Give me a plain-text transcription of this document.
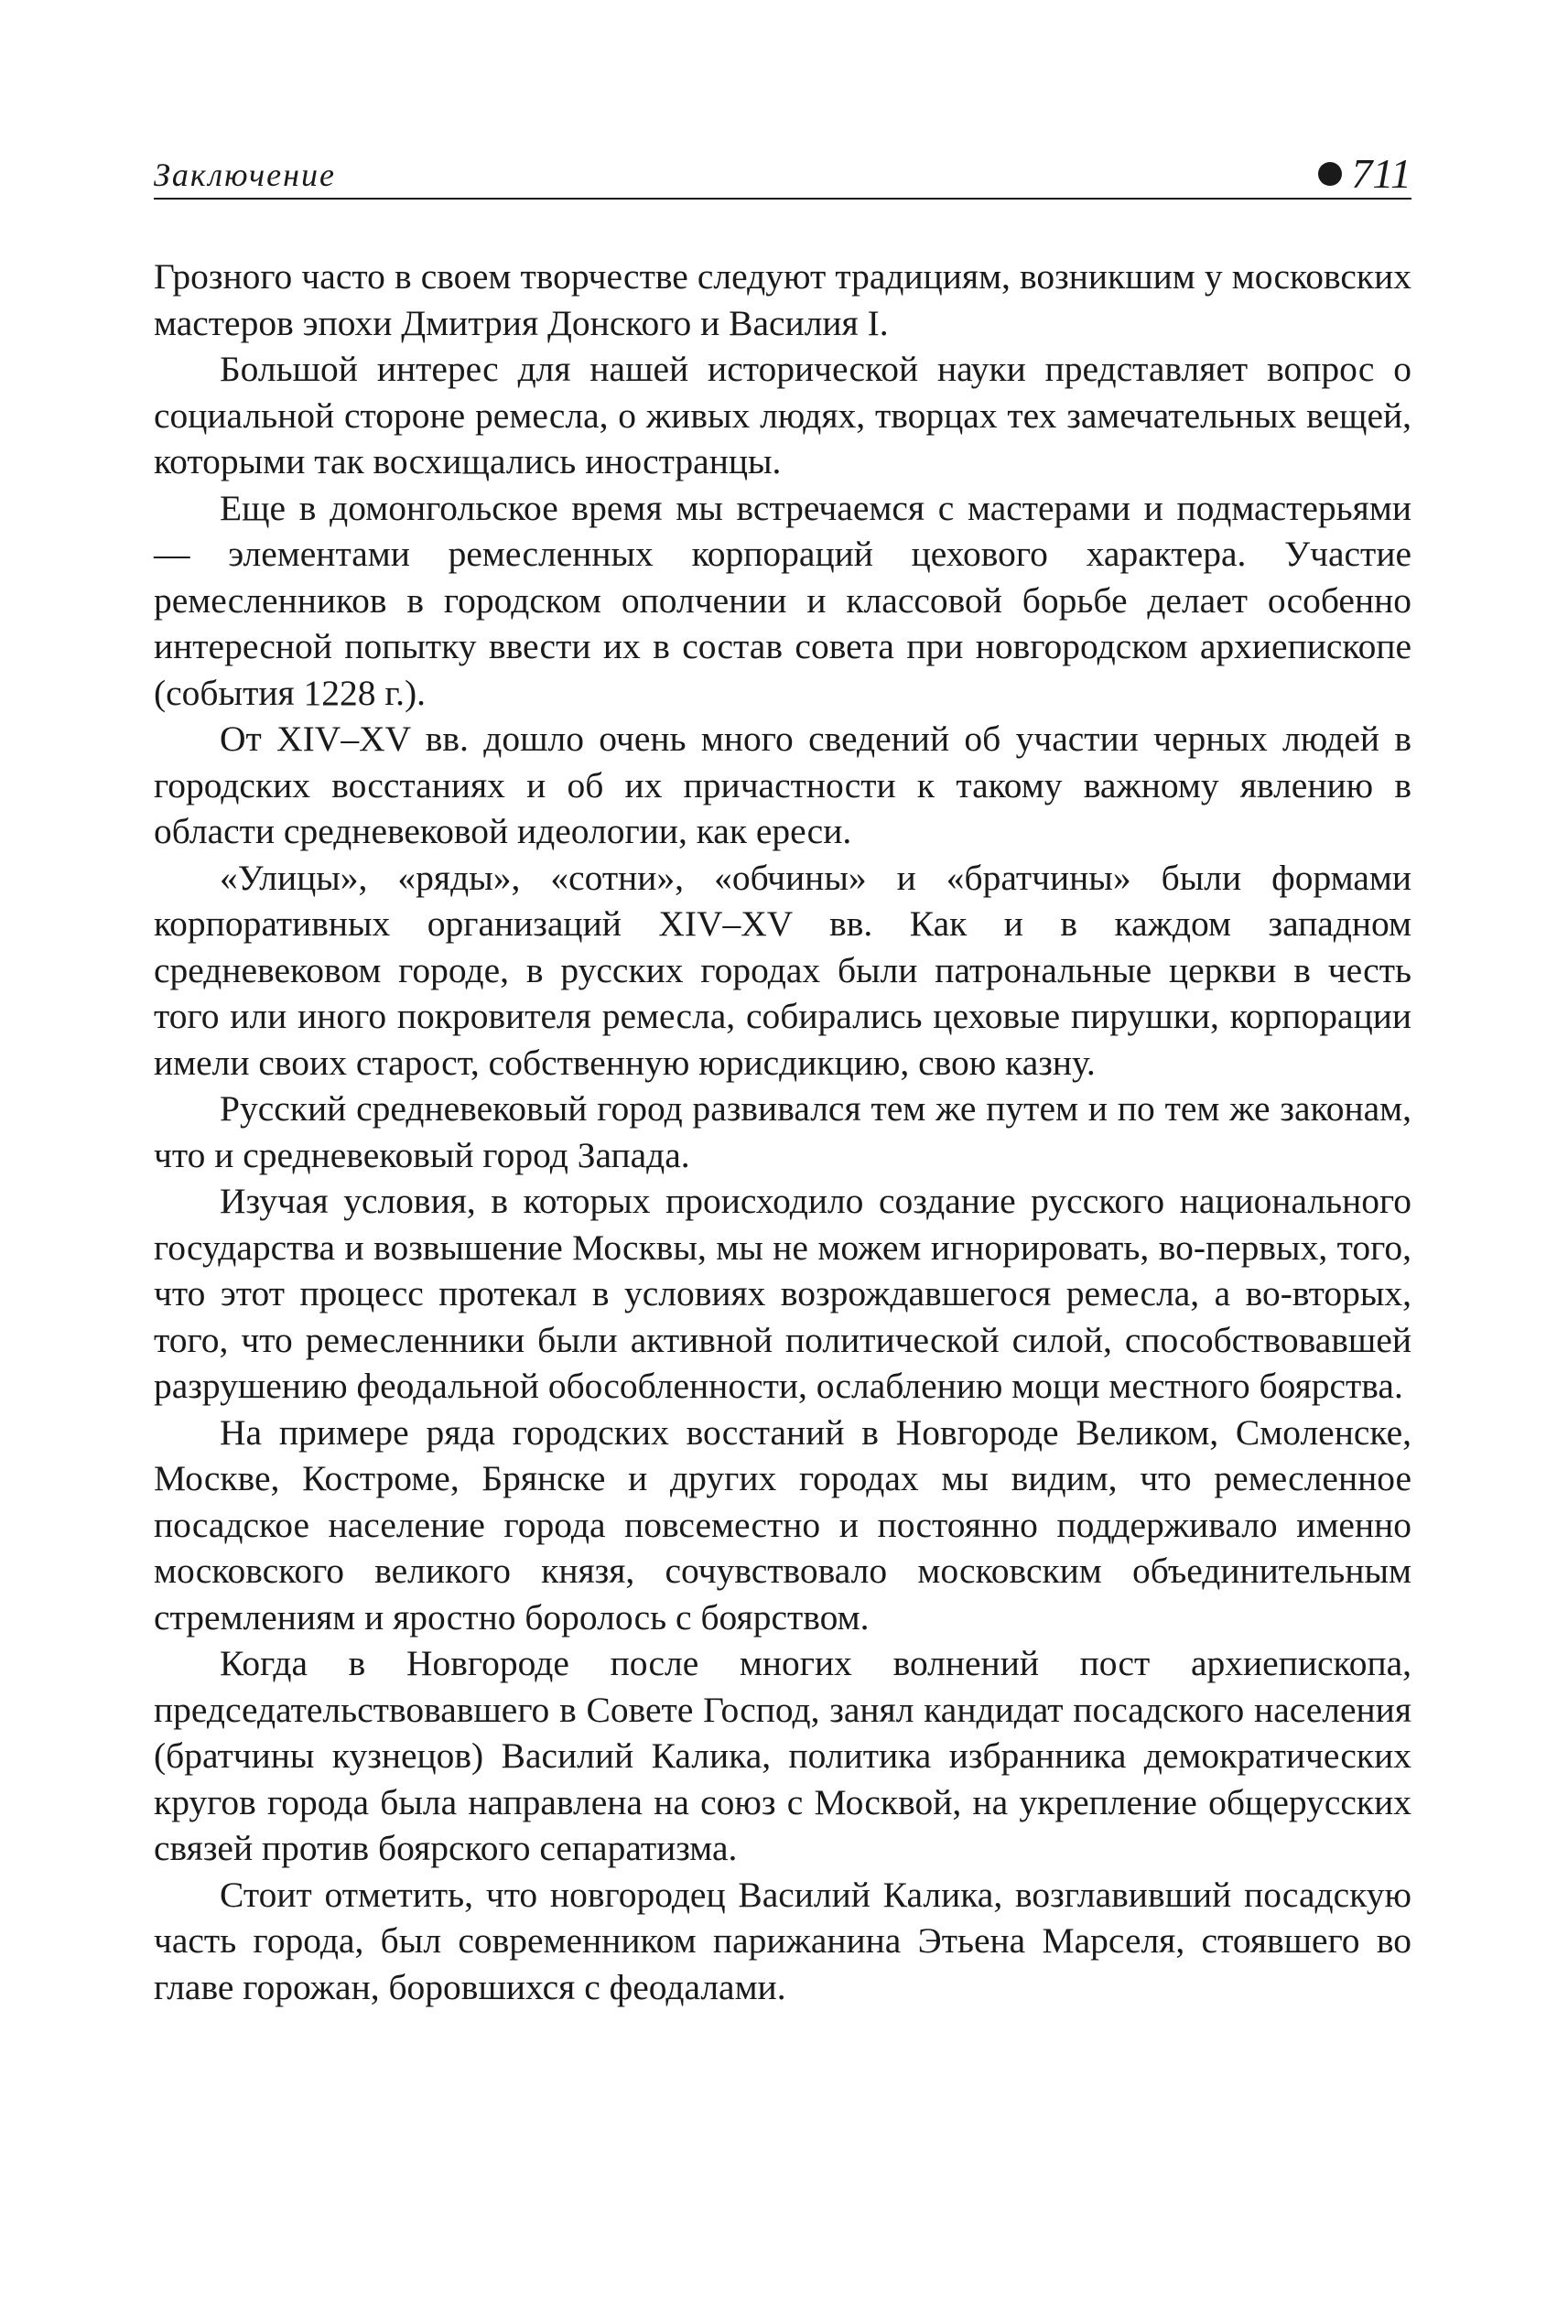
Заключение	711

Грозного часто в своем творчестве следуют традициям, возникшим у московских мастеров эпохи Дмитрия Донского и Василия I.

Большой интерес для нашей исторической науки представляет вопрос о социальной стороне ремесла, о живых людях, творцах тех замечательных вещей, которыми так восхищались иностранцы.

Еще в домонгольское время мы встречаемся с мастерами и подмастерьями — элементами ремесленных корпораций цехового характера. Участие ремесленников в городском ополчении и классовой борьбе делает особенно интересной попытку ввести их в состав совета при новгородском архиепископе (события 1228 г.).

От XIV–XV вв. дошло очень много сведений об участии черных людей в городских восстаниях и об их причастности к такому важному явлению в области средневековой идеологии, как ереси.

«Улицы», «ряды», «сотни», «обчины» и «братчины» были формами корпоративных организаций XIV–XV вв. Как и в каждом западном средневековом городе, в русских городах были патрональные церкви в честь того или иного покровителя ремесла, собирались цеховые пирушки, корпорации имели своих старост, собственную юрисдикцию, свою казну.

Русский средневековый город развивался тем же путем и по тем же законам, что и средневековый город Запада.

Изучая условия, в которых происходило создание русского национального государства и возвышение Москвы, мы не можем игнорировать, во-первых, того, что этот процесс протекал в условиях возрождавшегося ремесла, а во-вторых, того, что ремесленники были активной политической силой, способствовавшей разрушению феодальной обособленности, ослаблению мощи местного боярства.

На примере ряда городских восстаний в Новгороде Великом, Смоленске, Москве, Костроме, Брянске и других городах мы видим, что ремесленное посадское население города повсеместно и постоянно поддерживало именно московского великого князя, сочувствовало московским объединительным стремлениям и яростно боролось с боярством.

Когда в Новгороде после многих волнений пост архиепископа, председательствовавшего в Совете Господ, занял кандидат посадского населения (братчины кузнецов) Василий Калика, политика избранника демократических кругов города была направлена на союз с Москвой, на укрепление общерусских связей против боярского сепаратизма.

Стоит отметить, что новгородец Василий Калика, возглавивший посадскую часть города, был современником парижанина Этьена Марселя, стоявшего во главе горожан, боровшихся с феодалами.
